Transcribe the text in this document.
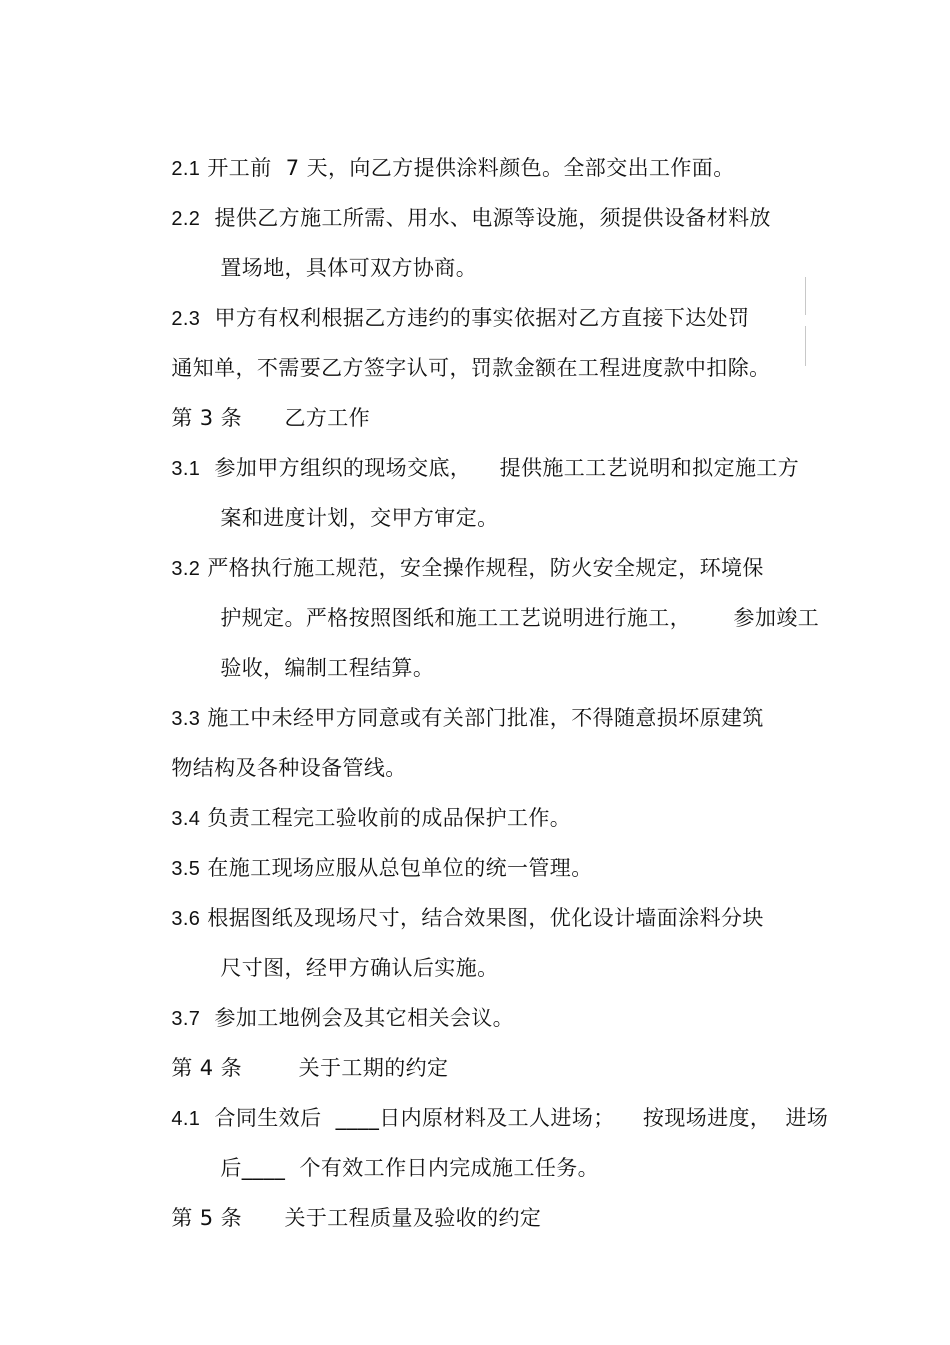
2.1 开工前  7 天，向乙方提供涂料颜色。全部交出工作面。

2.2  提供乙方施工所需、用水、电源等设施，须提供设备材料放

置场地，具体可双方协商。

2.3  甲方有权利根据乙方违约的事实依据对乙方直接下达处罚

通知单，不需要乙方签字认可，罚款金额在工程进度款中扣除。

第 3 条      乙方工作

3.1  参加甲方组织的现场交底，    提供施工工艺说明和拟定施工方

案和进度计划，交甲方审定。

3.2 严格执行施工规范，安全操作规程，防火安全规定，环境保

护规定。严格按照图纸和施工工艺说明进行施工，      参加竣工

验收，编制工程结算。

3.3 施工中未经甲方同意或有关部门批准，不得随意损坏原建筑

物结构及各种设备管线。

3.4 负责工程完工验收前的成品保护工作。

3.5 在施工现场应服从总包单位的统一管理。

3.6 根据图纸及现场尺寸，结合效果图，优化设计墙面涂料分块

尺寸图，经甲方确认后实施。

3.7  参加工地例会及其它相关会议。

第 4 条        关于工期的约定

4.1  合同生效后  ____日内原材料及工人进场；    按现场进度，  进场

后____  个有效工作日内完成施工任务。

第 5 条      关于工程质量及验收的约定
